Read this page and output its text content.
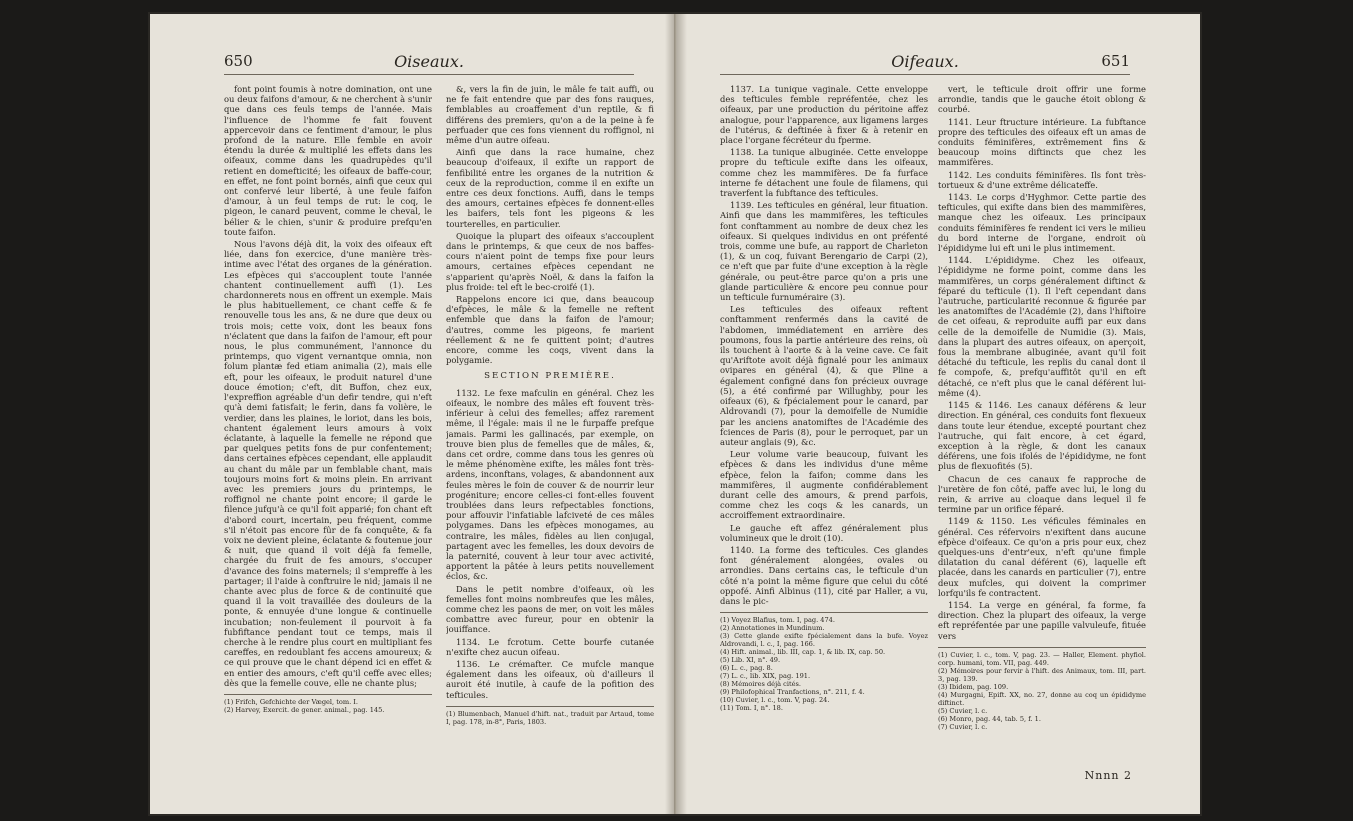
650	Oiseaux.

font point foumis à notre domination, ont une ou deux faifons d'amour, & ne cherchent à s'unir que dans ces feuls temps de l'année. Mais l'influence de l'homme fe fait fouvent appercevoir dans ce fentiment d'amour, le plus profond de la nature. Elle femble en avoir étendu la durée & multiplié les effets dans les oifeaux, comme dans les quadrupèdes qu'il retient en domefticité; les oifeaux de baffe-cour, en effet, ne font point bornés, ainfi que ceux qui ont confervé leur liberté, à une feule faifon d'amour, à un feul temps de rut: le coq, le pigeon, le canard peuvent, comme le cheval, le bélier & le chien, s'unir & produire prefqu'en toute faifon.

Nous l'avons déjà dit, la voix des oifeaux eft liée, dans fon exercice, d'une manière très-intime avec l'état des organes de la génération. Les efpèces qui s'accouplent toute l'année chantent continuellement auffi (1). Les chardonnerets nous en offrent un exemple. Mais le plus habituellement, ce chant ceffe & fe renouvelle tous les ans, & ne dure que deux ou trois mois; cette voix, dont les beaux fons n'éclatent que dans la faifon de l'amour, eft pour nous, le plus communément, l'annonce du printemps, quo vigent vernantque omnia, non folum plantæ fed etiam animalia (2), mais elle eft, pour les oifeaux, le produit naturel d'une douce émotion; c'eft, dit Buffon, chez eux, l'expreffion agréable d'un defir tendre, qui n'eft qu'à demi fatisfait; le ferin, dans fa volière, le verdier, dans les plaines, le loriot, dans les bois, chantent également leurs amours à voix éclatante, à laquelle la femelle ne répond que par quelques petits fons de pur confentement; dans certaines efpèces cependant, elle applaudit au chant du mâle par un femblable chant, mais toujours moins fort & moins plein. En arrivant avec les premiers jours du printemps, le roffignol ne chante point encore; il garde le filence jufqu'à ce qu'il foit apparié; fon chant eft d'abord court, incertain, peu fréquent, comme s'il n'étoit pas encore fûr de fa conquête, & fa voix ne devient pleine, éclatante & foutenue jour & nuit, que quand il voit déjà fa femelle, chargée du fruit de fes amours, s'occuper d'avance des foins maternels; il s'empreffe à les partager; il l'aide à conftruire le nid; jamais il ne chante avec plus de force & de continuité que quand il la voit travaillée des douleurs de la ponte, & ennuyée d'une longue & continuelle incubation; non-feulement il pourvoit à fa fubfiftance pendant tout ce temps, mais il cherche à le rendre plus court en multipliant fes careffes, en redoublant fes accens amoureux; & ce qui prouve que le chant dépend ici en effet & en entier des amours, c'eft qu'il ceffe avec elles; dès que la femelle couve, elle ne chante plus;

(1) Frifch, Gefchichte der Vægel, tom. I.
(2) Harvey, Exercit. de gener. animal., pag. 145.

&, vers la fin de juin, le mâle fe tait auffi, ou ne fe fait entendre que par des fons rauques, femblables au croaffement d'un reptile, & fi différens des premiers, qu'on a de la peine à fe perfuader que ces fons viennent du roffignol, ni même d'un autre oifeau.

Ainfi que dans la race humaine, chez beaucoup d'oifeaux, il exifte un rapport de fenfibilité entre les organes de la nutrition & ceux de la reproduction, comme il en exifte un entre ces deux fonctions. Auffi, dans le temps des amours, certaines efpèces fe donnent-elles les baifers, tels font les pigeons & les tourterelles, en particulier.

Quoique la plupart des oifeaux s'accouplent dans le printemps, & que ceux de nos baffes-cours n'aient point de temps fixe pour leurs amours, certaines efpèces cependant ne s'apparient qu'après Noël, & dans la faifon la plus froide: tel eft le bec-croifé (1).

Rappelons encore ici que, dans beaucoup d'efpèces, le mâle & la femelle ne reftent enfemble que dans la faifon de l'amour; d'autres, comme les pigeons, fe marient réellement & ne fe quittent point; d'autres encore, comme les coqs, vivent dans la polygamie.

SECTION PREMIÈRE.

1132. Le fexe mafculin en général. Chez les oifeaux, le nombre des mâles eft fouvent très-inférieur à celui des femelles; affez rarement même, il l'égale: mais il ne le furpaffe prefque jamais. Parmi les gallinacés, par exemple, on trouve bien plus de femelles que de mâles, &, dans cet ordre, comme dans tous les genres où le même phénomène exifte, les mâles font très-ardens, inconftans, volages, & abandonnent aux feules mères le foin de couver & de nourrir leur progéniture; encore celles-ci font-elles fouvent troublées dans leurs refpectables fonctions, pour affouvir l'infatiable lafciveté de ces mâles polygames. Dans les efpèces monogames, au contraire, les mâles, fidèles au lien conjugal, partagent avec les femelles, les doux devoirs de la paternité, couvent à leur tour avec activité, apportent la pâtée à leurs petits nouvellement éclos, &c.

Dans le petit nombre d'oifeaux, où les femelles font moins nombreufes que les mâles, comme chez les paons de mer, on voit les mâles combattre avec fureur, pour en obtenir la jouiffance.

1134. Le fcrotum. Cette bourfe cutanée n'exifte chez aucun oifeau.

1136. Le crémafter. Ce mufcle manque également dans les oifeaux, où d'ailleurs il auroit été inutile, à caufe de la pofition des tefticules.

(1) Blumenbach, Manuel d'hift. nat., traduit par Artaud, tome I, pag. 178, in-8°, Paris, 1803.
Oifeaux.	651

1137. La tunique vaginale. Cette enveloppe des tefticules femble repréfentée, chez les oifeaux, par une production du péritoine affez analogue, pour l'apparence, aux ligamens larges de l'utérus, & deftinée à fixer & à retenir en place l'organe fécréteur du fperme.

1138. La tunique albuginée. Cette enveloppe propre du tefticule exifte dans les oifeaux, comme chez les mammifères. De fa furface interne fe détachent une foule de filamens, qui traverfent la fubftance des tefticules.

1139. Les tefticules en général, leur fituation. Ainfi que dans les mammifères, les tefticules font conftamment au nombre de deux chez les oifeaux. Si quelques individus en ont préfenté trois, comme une bufe, au rapport de Charleton (1), & un coq, fuivant Berengario de Carpi (2), ce n'eft que par fuite d'une exception à la règle générale, ou peut-être parce qu'on a pris une glande particulière & encore peu connue pour un tefticule furnuméraire (3).

Les tefticules des oifeaux reftent conftamment renfermés dans la cavité de l'abdomen, immédiatement en arrière des poumons, fous la partie antérieure des reins, où ils touchent à l'aorte & à la veine cave. Ce fait qu'Ariftote avoit déjà fignalé pour les animaux ovipares en général (4), & que Pline a également configné dans fon précieux ouvrage (5), a été confirmé par Willughby, pour les oifeaux (6), & fpécialement pour le canard, par Aldrovandi (7), pour la demoifelle de Numidie par les anciens anatomiftes de l'Académie des fciences de Paris (8), pour le perroquet, par un auteur anglais (9), &c.

Leur volume varie beaucoup, fuivant les efpèces & dans les individus d'une même efpèce, felon la faifon; comme dans les mammifères, il augmente confidérablement durant celle des amours, & prend parfois, comme chez les coqs & les canards, un accroiffement extraordinaire.

Le gauche eft affez généralement plus volumineux que le droit (10).

1140. La forme des tefticules. Ces glandes font généralement alongées, ovales ou arrondies. Dans certains cas, le tefticule d'un côté n'a point la même figure que celui du côté oppofé. Ainfi Albinus (11), cité par Haller, a vu, dans le pic-

(1) Voyez Blafius, tom. I, pag. 474.
(2) Annotationes in Mundinum.
(3) Cette glande exifte fpécialement dans la bufe. Voyez Aldrovandi, l. c., I, pag. 166.
(4) Hift. animal., lib. III, cap. 1, & lib. IX, cap. 50.
(5) Lib. XI, n°. 49.
(6) L. c., pag. 8.
(7) L. c., lib. XIX, pag. 191.
(8) Mémoires déjà cités.
(9) Philofophical Tranfactions, n°. 211, f. 4.
(10) Cuvier, l. c., tom. V, pag. 24.
(11) Tom. I, n°. 18.

vert, le tefticule droit offrir une forme arrondie, tandis que le gauche étoit oblong & courbé.

1141. Leur ftructure intérieure. La fubftance propre des tefticules des oifeaux eft un amas de conduits féminifères, extrêmement fins & beaucoup moins diftincts que chez les mammifères.

1142. Les conduits féminifères. Ils font très-tortueux & d'une extrême délicateffe.

1143. Le corps d'Hyghmor. Cette partie des tefticules, qui exifte dans bien des mammifères, manque chez les oifeaux. Les principaux conduits féminifères fe rendent ici vers le milieu du bord interne de l'organe, endroit où l'épididyme lui eft uni le plus intimement.

1144. L'épididyme. Chez les oifeaux, l'épididyme ne forme point, comme dans les mammifères, un corps généralement diftinct & féparé du tefticule (1). Il l'eft cependant dans l'autruche, particularité reconnue & figurée par les anatomiftes de l'Académie (2), dans l'hiftoire de cet oifeau, & reproduite auffi par eux dans celle de la demoifelle de Numidie (3). Mais, dans la plupart des autres oifeaux, on aperçoit, fous la membrane albuginée, avant qu'il foit détaché du tefticule, les replis du canal dont il fe compofe, &, prefqu'auffitôt qu'il en eft détaché, ce n'eft plus que le canal déférent lui-même (4).

1145 & 1146. Les canaux déférens & leur direction. En général, ces conduits font flexueux dans toute leur étendue, excepté pourtant chez l'autruche, qui fait encore, à cet égard, exception à la règle, & dont les canaux déférens, une fois ifolés de l'épididyme, ne font plus de flexuofités (5).

Chacun de ces canaux fe rapproche de l'uretère de fon côté, paffe avec lui, le long du rein, & arrive au cloaque dans lequel il fe termine par un orifice féparé.

1149 & 1150. Les véficules féminales en général. Ces réfervoirs n'exiftent dans aucune efpèce d'oifeaux. Ce qu'on a pris pour eux, chez quelques-uns d'entr'eux, n'eft qu'une fimple dilatation du canal déférent (6), laquelle eft placée, dans les canards en particulier (7), entre deux mufcles, qui doivent la comprimer lorfqu'ils fe contractent.

1154. La verge en général, fa forme, fa direction. Chez la plupart des oifeaux, la verge eft repréfentée par une papille valvuleufe, fituée vers

(1) Cuvier, l. c., tom. V, pag. 23. — Haller, Element. phyfiol. corp. humani, tom. VII, pag. 449.
(2) Mémoires pour fervir à l'hift. des Animaux, tom. III, part. 3, pag. 139.
(3) Ibidem, pag. 109.
(4) Murgagni, Epift. XX, no. 27, donne au coq un épididyme diftinct.
(5) Cuvier, l. c.
(6) Monro, pag. 44, tab. 5, f. 1.
(7) Cuvier, l. c.
Nnnn 2
